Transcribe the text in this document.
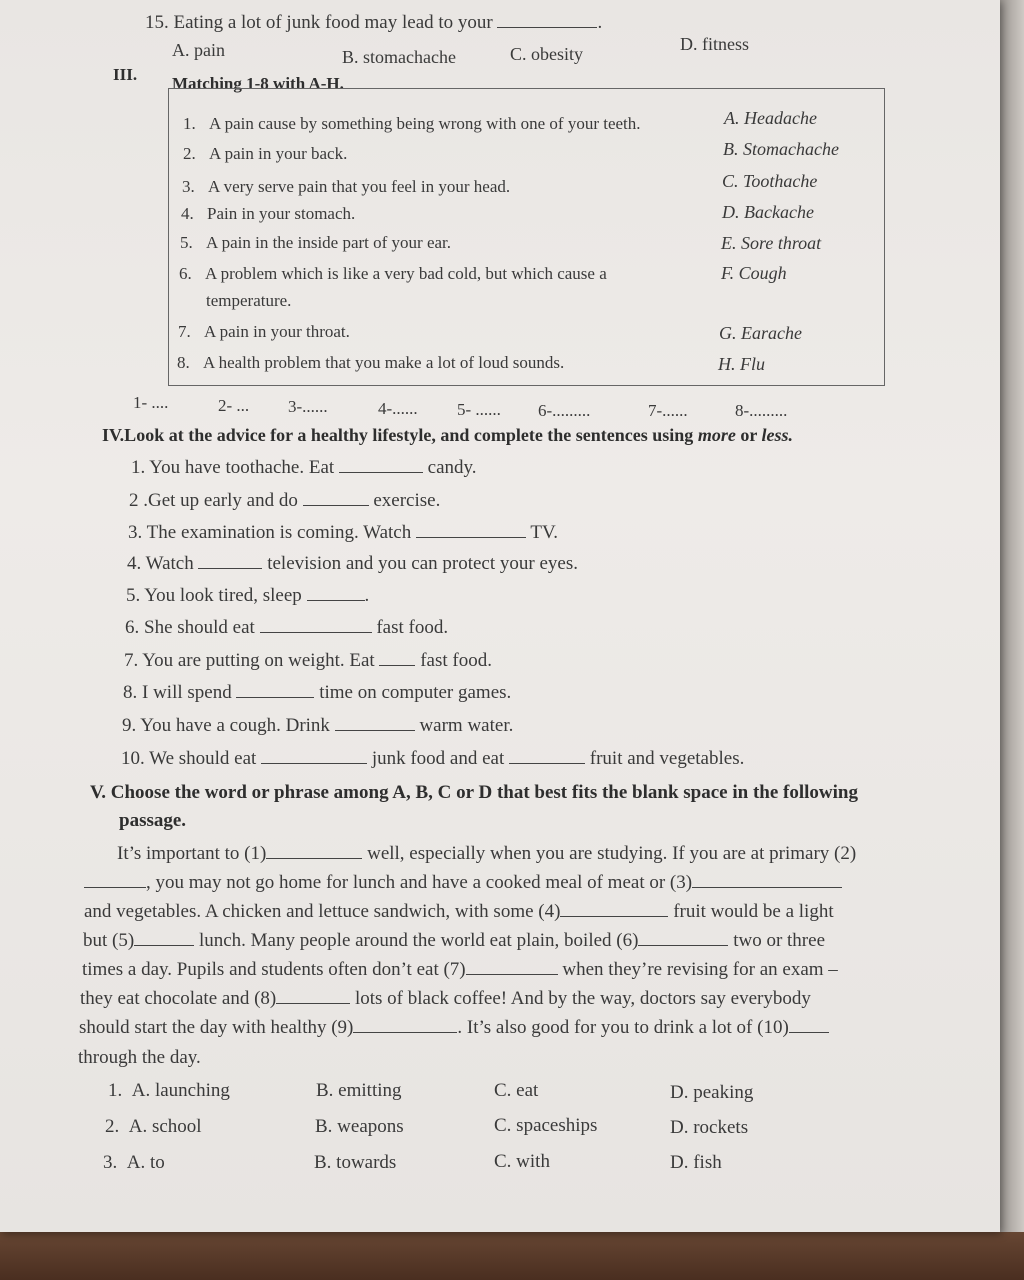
15. Eating a lot of junk food may lead to your	.
A. pain	B. stomachache	C. obesity	D. fitness
III. Matching 1-8 with A-H.
1. A pain cause by something being wrong with one of your teeth.
2. A pain in your back.
3. A very serve pain that you feel in your head.
4. Pain in your stomach.
5. A pain in the inside part of your ear.
6. A problem which is like a very bad cold, but which cause a
temperature.
7. A pain in your throat.
8. A health problem that you make a lot of loud sounds.
A. Headache
B. Stomachache
C. Toothache
D. Backache
E. Sore throat
F. Cough
G. Earache
H. Flu
1- ....	2- ... 3-......	4-...... 5- ...... 6-.........	7-......	8-.........
IV.Look at the advice for a healthy lifestyle, and complete the sentences using more or less.
1. You have toothache. Eat	candy.
2 .Get up early and do	exercise.
3. The examination is coming. Watch	TV.
4. Watch	television and you can protect your eyes.
5. You look tired, sleep	.
6. She should eat	fast food.
7. You are putting on weight. Eat fast food.
8. I will spend	time on computer games.
9. You have a cough. Drink	warm water.
10. We should eat	junk food and eat	fruit and vegetables.
V. Choose the word or phrase among A, B, C or D that best fits the blank space in the following
passage.
It’s important to (1)	well, especially when you are studying. If you are at primary (2)
, you may not go home for lunch and have a cooked meal of meat or (3)
and vegetables. A chicken and lettuce sandwich, with some (4)	fruit would be a light
but (5)	lunch. Many people around the world eat plain, boiled (6)	two or three
times a day. Pupils and students often don’t eat (7)	when they’re revising for an exam –
they eat chocolate and (8)	lots of black coffee! And by the way, doctors say everybody
should start the day with healthy (9)	. It’s also good for you to drink a lot of (10)
through the day.
1. A. launching	B. emitting	C. eat	D. peaking
2. A. school	B. weapons	C. spaceships	D. rockets
3. A. to	B. towards	C. with	D. fish
